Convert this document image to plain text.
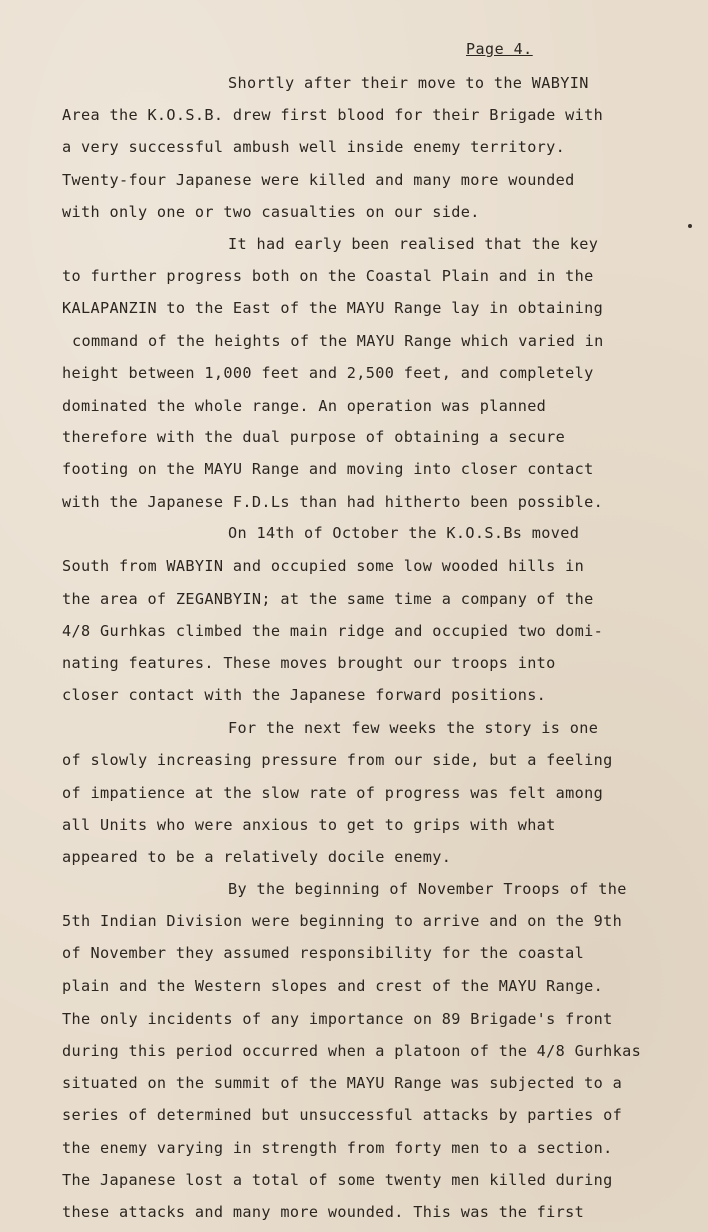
Page 4.
Shortly after their move to the WABYIN
Area the K.O.S.B. drew first blood for their Brigade with
a very successful ambush well inside enemy territory.
Twenty-four Japanese were killed and many more wounded
with only one or two casualties on our side.
It had early been realised that the key
to further progress both on the Coastal Plain and in the
KALAPANZIN to the East of the MAYU Range lay in obtaining
command of the heights of the MAYU Range which varied in
height between 1,000 feet and 2,500 feet, and completely
dominated the whole range. An operation was planned
therefore with the dual purpose of obtaining a secure
footing on the MAYU Range and moving into closer contact
with the Japanese F.D.Ls than had hitherto been possible.
On 14th of October the K.O.S.Bs moved
South from WABYIN and occupied some low wooded hills in
the area of ZEGANBYIN; at the same time a company of the
4/8 Gurhkas climbed the main ridge and occupied two domi-
nating features. These moves brought our troops into
closer contact with the Japanese forward positions.
For the next few weeks the story is one
of slowly increasing pressure from our side, but a feeling
of impatience at the slow rate of progress was felt among
all Units who were anxious to get to grips with what
appeared to be a relatively docile enemy.
By the beginning of November Troops of the
5th Indian Division were beginning to arrive and on the 9th
of November they assumed responsibility for the coastal
plain and the Western slopes and crest of the MAYU Range.
The only incidents of any importance on 89 Brigade's front
during this period occurred when a platoon of the 4/8 Gurhkas
situated on the summit of the MAYU Range was subjected to a
series of determined but unsuccessful attacks by parties of
the enemy varying in strength from forty men to a section.
The Japanese lost a total of some twenty men killed during
these attacks and many more wounded. This was the first
